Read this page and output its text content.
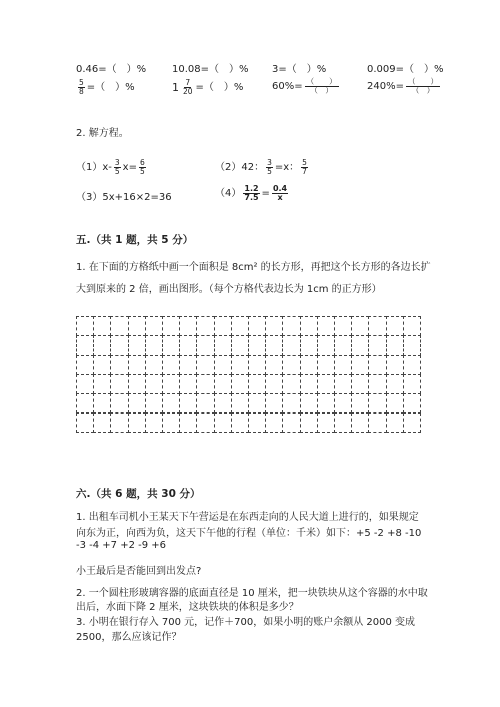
0.46=（　）%	10.08=（　）% 3=（　）%	0.009=（　）%
$\frac{5}{8}$ =（　）%	$1 \frac{7}{20}$ =（　）%	$60\%= \frac{( )}{( )}$	$240\%= \frac{( )}{( )}$
2. 解方程。
$(1)x- \frac{3}{5} x= \frac{6}{5}$	（2）42： $\frac{3}{5} =x$： $\frac{5}{7}$
（3）5x+16×2=36	$(4) \frac{1.2}{7.5} = \frac{0.4}{x}$
五.（共 1 题，共 5 分）
1. 在下面的方格纸中画一个面积是 8cm² 的长方形，再把这个长方形的各边长扩
大到原来的 2 倍，画出图形。（每个方格代表边长为 1cm 的正方形）
六.（共 6 题，共 30 分）
1. 出租车司机小王某天下午营运是在东西走向的人民大道上进行的，如果规定
向东为正，向西为负，这天下午他的行程（单位：千米）如下：+5 -2 +8 -10
-3 -4 +7 +2 -9 +6
小王最后是否能回到出发点?
2. 一个圆柱形玻璃容器的底面直径是 10 厘米，把一块铁块从这个容器的水中取
出后，水面下降 2 厘米，这块铁块的体积是多少？
3. 小明在银行存入 700 元，记作＋700，如果小明的账户余额从 2000 变成
2500，那么应该记作？
